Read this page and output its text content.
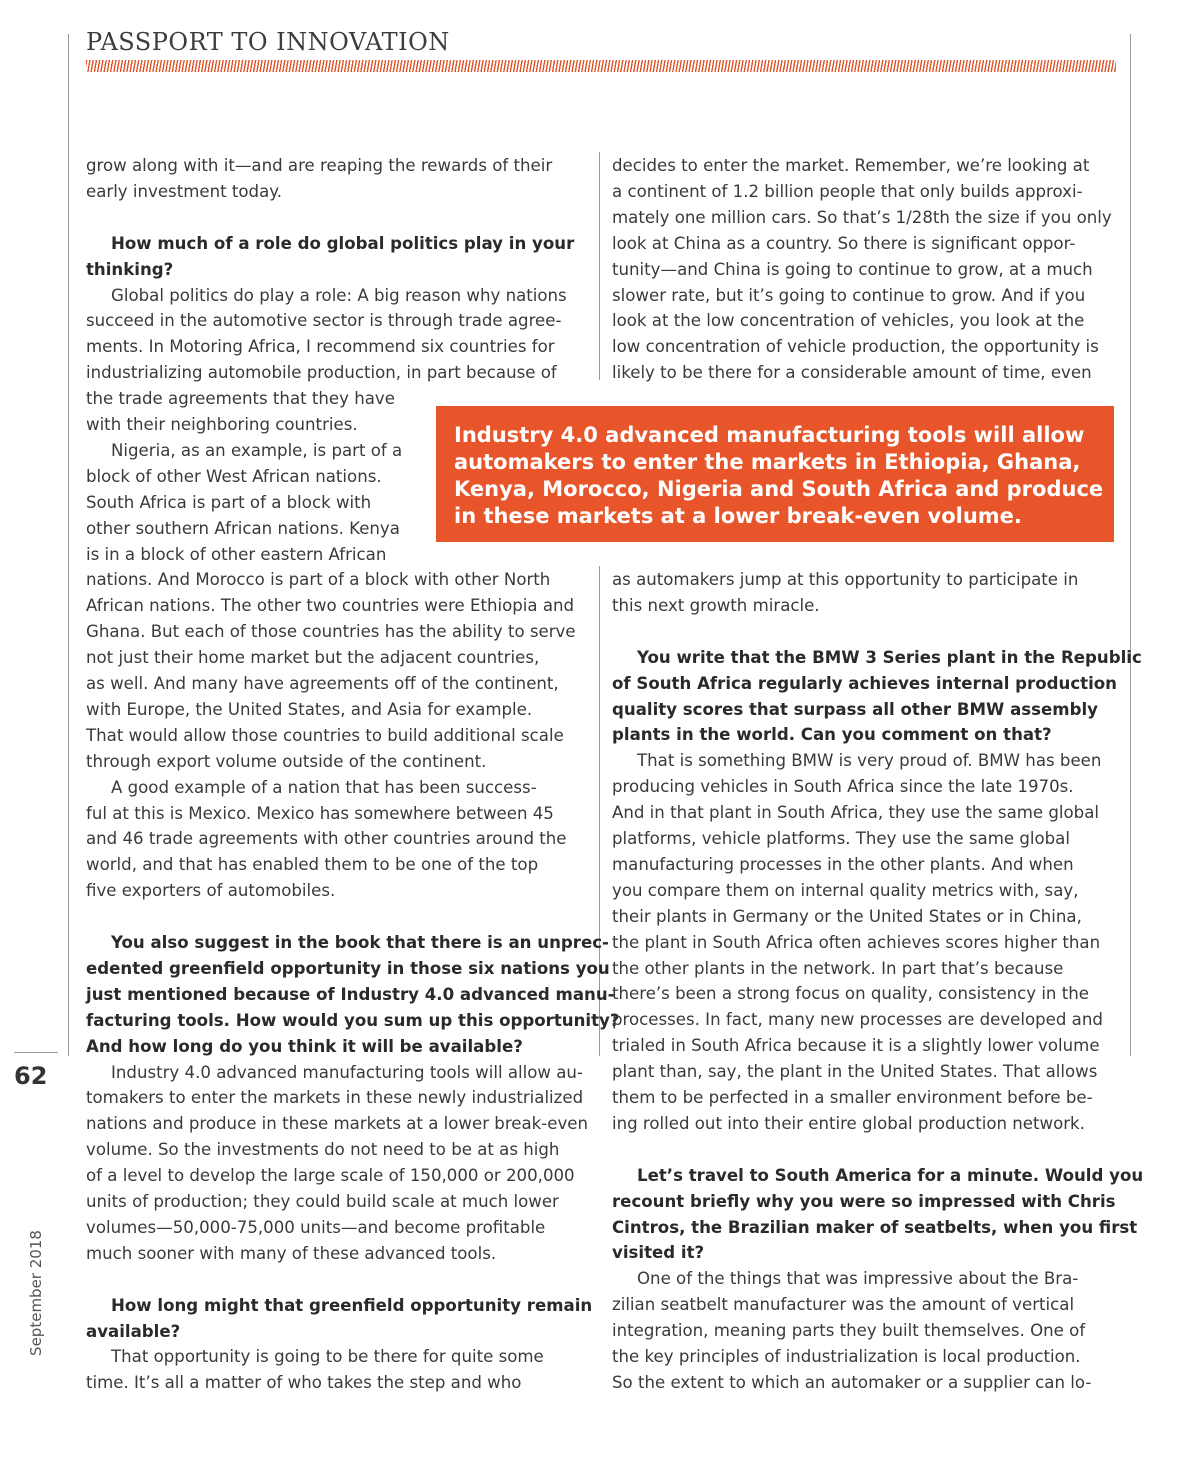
PASSPORT TO INNOVATION
grow along with it—and are reaping the rewards of their
early investment today.
How much of a role do global politics play in your
thinking?
Global politics do play a role: A big reason why nations
succeed in the automotive sector is through trade agree-
ments. In Motoring Africa, I recommend six countries for
industrializing automobile production, in part because of
the trade agreements that they have
with their neighboring countries.
Nigeria, as an example, is part of a
block of other West African nations.
South Africa is part of a block with
other southern African nations. Kenya
is in a block of other eastern African
nations. And Morocco is part of a block with other North
African nations. The other two countries were Ethiopia and
Ghana. But each of those countries has the ability to serve
not just their home market but the adjacent countries,
as well. And many have agreements off of the continent,
with Europe, the United States, and Asia for example.
That would allow those countries to build additional scale
through export volume outside of the continent.
A good example of a nation that has been success-
ful at this is Mexico. Mexico has somewhere between 45
and 46 trade agreements with other countries around the
world, and that has enabled them to be one of the top
five exporters of automobiles.
You also suggest in the book that there is an unprec-
edented greenfield opportunity in those six nations you
just mentioned because of Industry 4.0 advanced manu-
facturing tools. How would you sum up this opportunity?
And how long do you think it will be available?
Industry 4.0 advanced manufacturing tools will allow au-
tomakers to enter the markets in these newly industrialized
nations and produce in these markets at a lower break-even
volume. So the investments do not need to be at as high
of a level to develop the large scale of 150,000 or 200,000
units of production; they could build scale at much lower
volumes—50,000-75,000 units—and become profitable
much sooner with many of these advanced tools.
How long might that greenfield opportunity remain
available?
That opportunity is going to be there for quite some
time. It’s all a matter of who takes the step and who
decides to enter the market. Remember, we’re looking at
a continent of 1.2 billion people that only builds approxi-
mately one million cars. So that’s 1/28th the size if you only
look at China as a country. So there is significant oppor-
tunity—and China is going to continue to grow, at a much
slower rate, but it’s going to continue to grow. And if you
look at the low concentration of vehicles, you look at the
low concentration of vehicle production, the opportunity is
likely to be there for a considerable amount of time, even
as automakers jump at this opportunity to participate in
this next growth miracle.
You write that the BMW 3 Series plant in the Republic
of South Africa regularly achieves internal production
quality scores that surpass all other BMW assembly
plants in the world. Can you comment on that?
That is something BMW is very proud of. BMW has been
producing vehicles in South Africa since the late 1970s.
And in that plant in South Africa, they use the same global
platforms, vehicle platforms. They use the same global
manufacturing processes in the other plants. And when
you compare them on internal quality metrics with, say,
their plants in Germany or the United States or in China,
the plant in South Africa often achieves scores higher than
the other plants in the network. In part that’s because
there’s been a strong focus on quality, consistency in the
processes. In fact, many new processes are developed and
trialed in South Africa because it is a slightly lower volume
plant than, say, the plant in the United States. That allows
them to be perfected in a smaller environment before be-
ing rolled out into their entire global production network.
Let’s travel to South America for a minute. Would you
recount briefly why you were so impressed with Chris
Cintros, the Brazilian maker of seatbelts, when you first
visited it?
One of the things that was impressive about the Bra-
zilian seatbelt manufacturer was the amount of vertical
integration, meaning parts they built themselves. One of
the key principles of industrialization is local production.
So the extent to which an automaker or a supplier can lo-
Industry 4.0 advanced manufacturing tools will allow
automakers to enter the markets in Ethiopia, Ghana,
Kenya, Morocco, Nigeria and South Africa and produce
in these markets at a lower break-even volume.
September 2018
62
